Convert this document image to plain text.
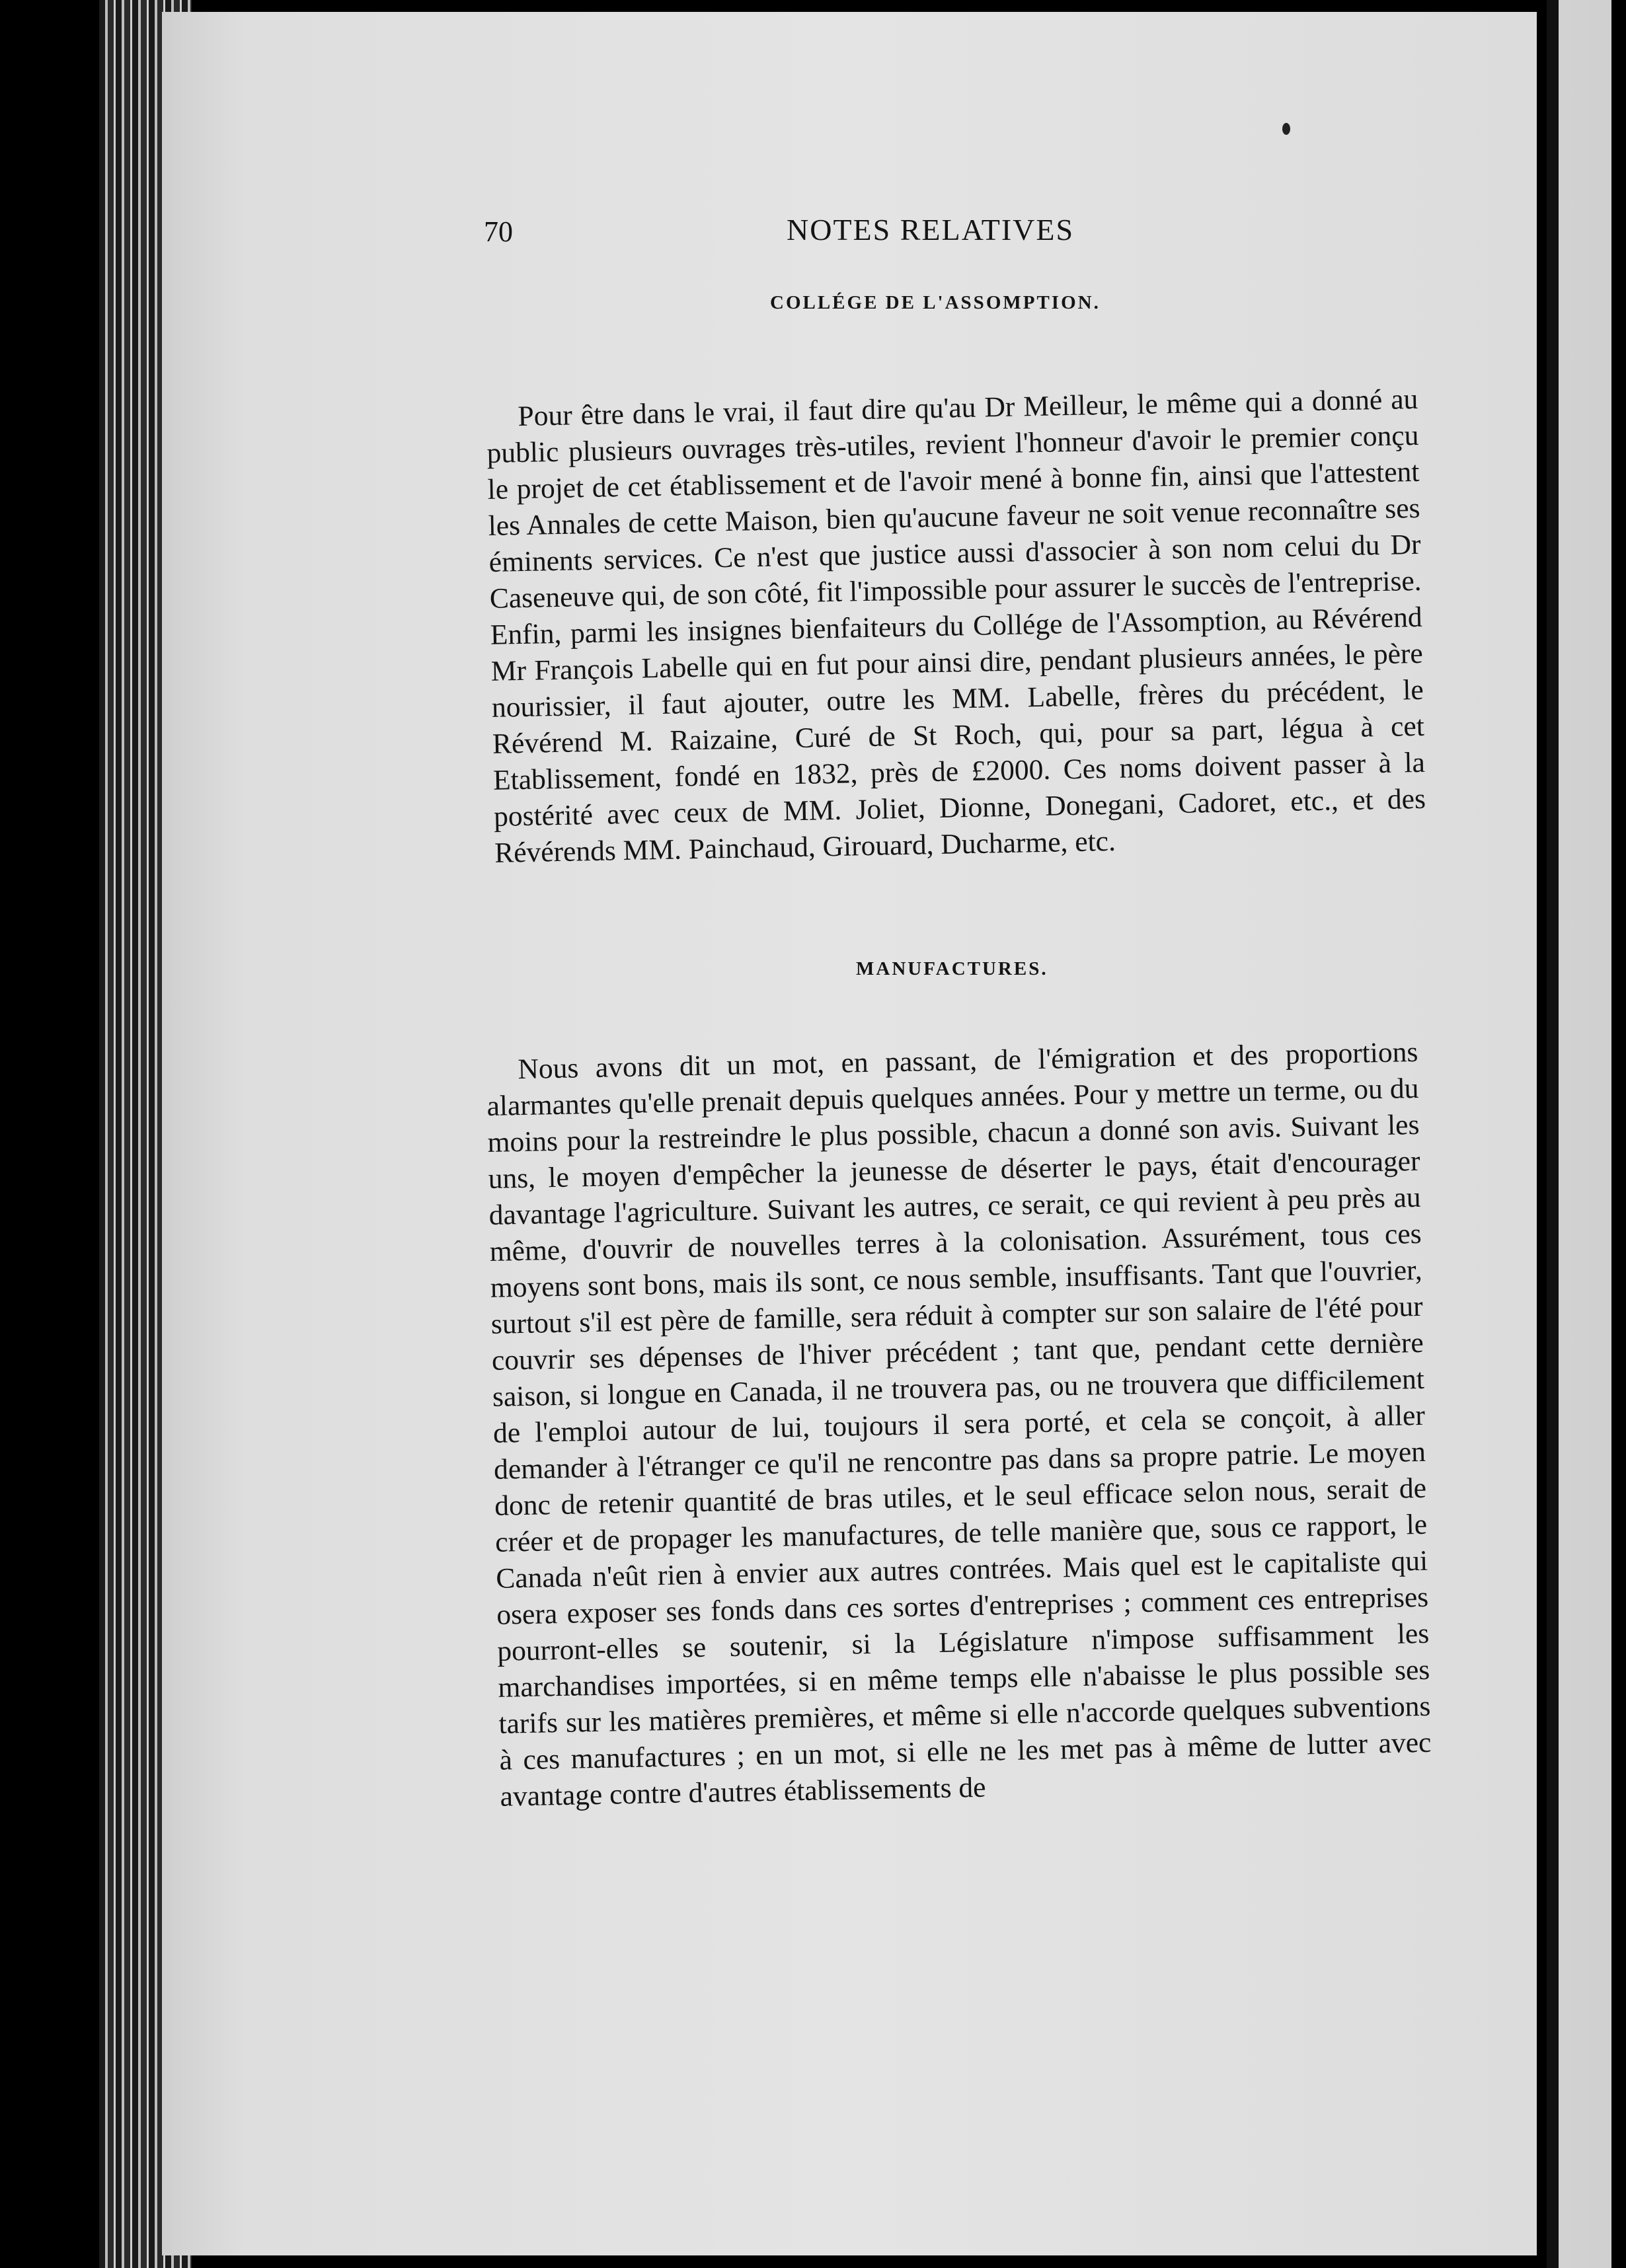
70	NOTES RELATIVES
COLLÉGE DE L'ASSOMPTION.

Pour être dans le vrai, il faut dire qu'au Dr Meilleur, le même qui a donné au public plusieurs ouvrages très-utiles, revient l'honneur d'avoir le premier conçu le projet de cet établissement et de l'avoir mené à bonne fin, ainsi que l'attestent les Annales de cette Maison, bien qu'aucune faveur ne soit venue reconnaître ses éminents services. Ce n'est que justice aussi d'associer à son nom celui du Dr Caseneuve qui, de son côté, fit l'impossible pour assurer le succès de l'entreprise. Enfin, parmi les insignes bienfaiteurs du Collége de l'Assomption, au Révérend Mr François Labelle qui en fut pour ainsi dire, pendant plusieurs années, le père nourissier, il faut ajouter, outre les MM. Labelle, frères du précédent, le Révérend M. Raizaine, Curé de St Roch, qui, pour sa part, légua à cet Etablissement, fondé en 1832, près de £2000. Ces noms doivent passer à la postérité avec ceux de MM. Joliet, Dionne, Donegani, Cadoret, etc., et des Révérends MM. Painchaud, Girouard, Ducharme, etc.

MANUFACTURES.

Nous avons dit un mot, en passant, de l'émigration et des proportions alarmantes qu'elle prenait depuis quelques années. Pour y mettre un terme, ou du moins pour la restreindre le plus possible, chacun a donné son avis. Suivant les uns, le moyen d'empêcher la jeunesse de déserter le pays, était d'encourager davantage l'agriculture. Suivant les autres, ce serait, ce qui revient à peu près au même, d'ouvrir de nouvelles terres à la colonisation. Assurément, tous ces moyens sont bons, mais ils sont, ce nous semble, insuffisants. Tant que l'ouvrier, surtout s'il est père de famille, sera réduit à compter sur son salaire de l'été pour couvrir ses dépenses de l'hiver précédent ; tant que, pendant cette dernière saison, si longue en Canada, il ne trouvera pas, ou ne trouvera que difficilement de l'emploi autour de lui, toujours il sera porté, et cela se conçoit, à aller demander à l'étranger ce qu'il ne rencontre pas dans sa propre patrie. Le moyen donc de retenir quantité de bras utiles, et le seul efficace selon nous, serait de créer et de propager les manufactures, de telle manière que, sous ce rapport, le Canada n'eût rien à envier aux autres contrées. Mais quel est le capitaliste qui osera exposer ses fonds dans ces sortes d'entreprises ; comment ces entreprises pourront-elles se soutenir, si la Législature n'impose suffisamment les marchandises importées, si en même temps elle n'abaisse le plus possible ses tarifs sur les matières premières, et même si elle n'accorde quelques subventions à ces manufactures ; en un mot, si elle ne les met pas à même de lutter avec avantage contre d'autres établissements de
